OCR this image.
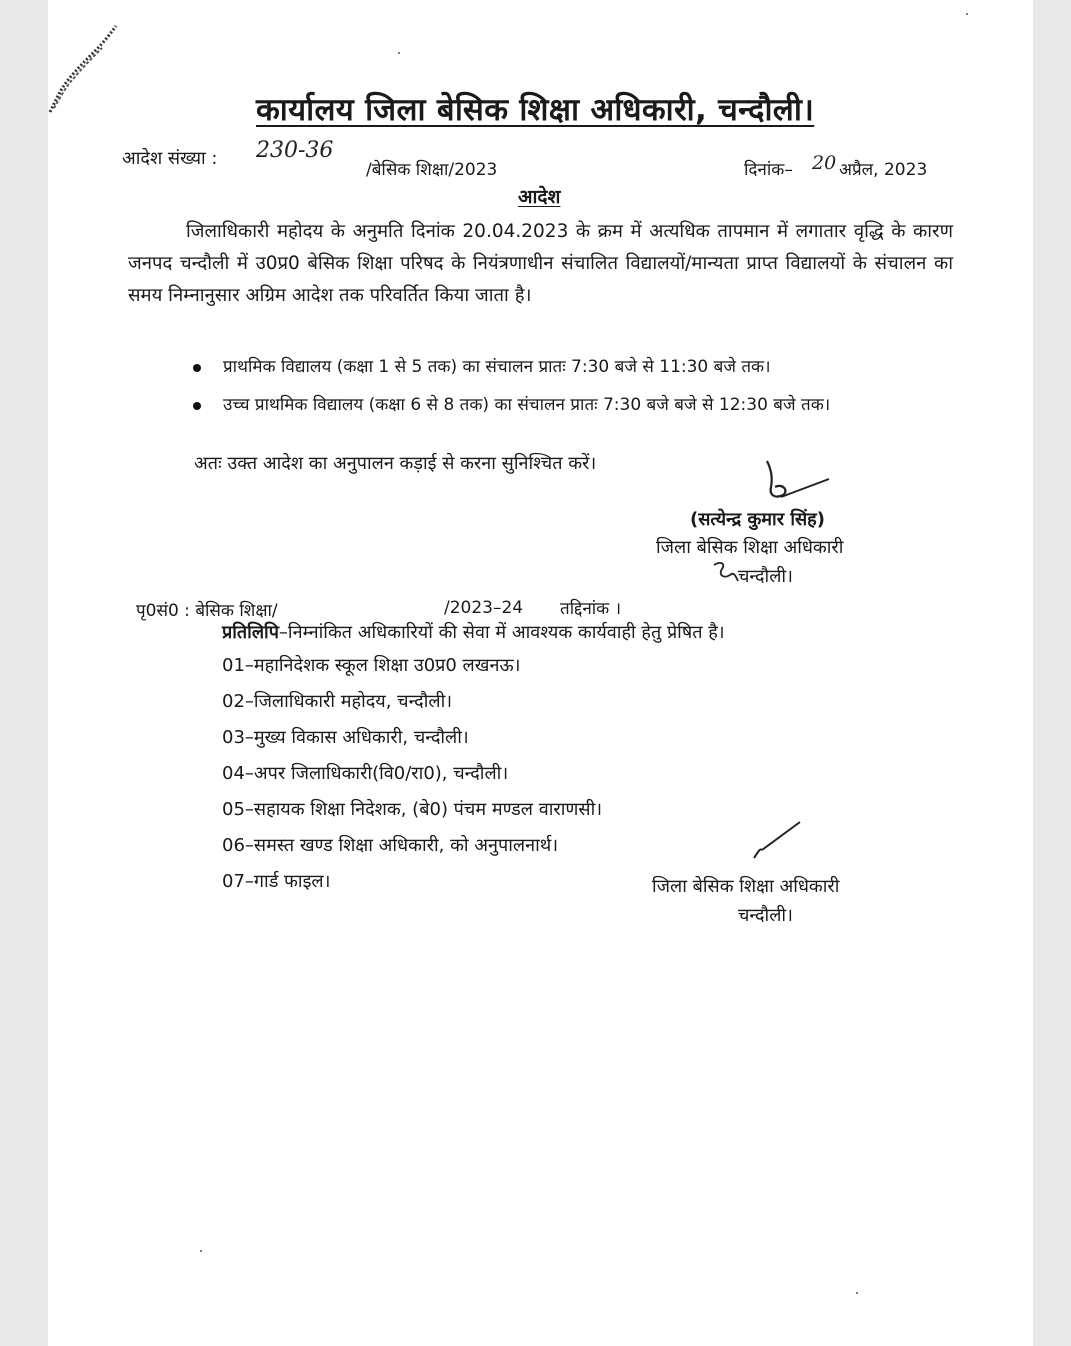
कार्यालय जिला बेसिक शिक्षा अधिकारी, चन्दौली।
आदेश संख्या : 230-36
/बेसिक शिक्षा/2023	दिनांक– 20 अप्रैल, 2023
आदेश
जिलाधिकारी महोदय के अनुमति दिनांक 20.04.2023 के क्रम में अत्यधिक तापमान में लगातार वृद्धि के कारण जनपद चन्दौली में उ0प्र0 बेसिक शिक्षा परिषद के नियंत्रणाधीन संचालित विद्यालयों/मान्यता प्राप्त विद्यालयों के संचालन का समय निम्नानुसार अग्रिम आदेश तक परिवर्तित किया जाता है।
प्राथमिक विद्यालय (कक्षा 1 से 5 तक) का संचालन प्रातः 7:30 बजे से 11:30 बजे तक।
उच्च प्राथमिक विद्यालय (कक्षा 6 से 8 तक) का संचालन प्रातः 7:30 बजे बजे से 12:30 बजे तक।
अतः उक्त आदेश का अनुपालन कड़ाई से करना सुनिश्चित करें।
(सत्येन्द्र कुमार सिंह)
जिला बेसिक शिक्षा अधिकारी
चन्दौली।
पृ0सं0 : बेसिक शिक्षा/	/2023–24 तद्दिनांक ।
प्रतिलिपि–निम्नांकित अधिकारियों की सेवा में आवश्यक कार्यवाही हेतु प्रेषित है।
01–महानिदेशक स्कूल शिक्षा उ0प्र0 लखनऊ।
02–जिलाधिकारी महोदय, चन्दौली।
03–मुख्य विकास अधिकारी, चन्दौली।
04–अपर जिलाधिकारी(वि0/रा0), चन्दौली।
05–सहायक शिक्षा निदेशक, (बे0) पंचम मण्डल वाराणसी।
06–समस्त खण्ड शिक्षा अधिकारी, को अनुपालनार्थ।
07–गार्ड फाइल।	जिला बेसिक शिक्षा अधिकारी
चन्दौली।
